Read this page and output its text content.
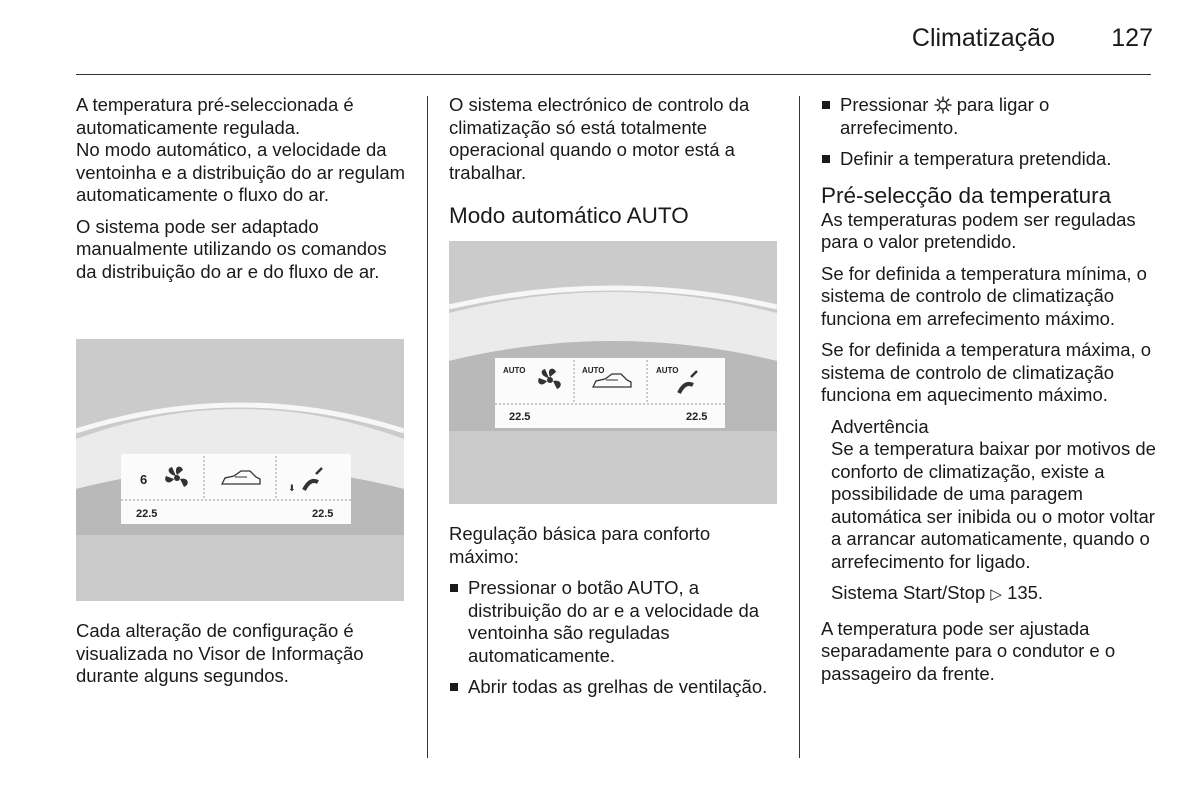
Climatização 127

A temperatura pré-seleccionada é automaticamente regulada.

No modo automático, a velocidade da ventoinha e a distribuição do ar regulam automaticamente o fluxo do ar.

O sistema pode ser adaptado manualmente utilizando os comandos da distribuição do ar e do fluxo de ar.

6
⬇
22.5	22.5

Cada alteração de configuração é visualizada no Visor de Informação durante alguns segundos.

O sistema electrónico de controlo da climatização só está totalmente operacional quando o motor está a trabalhar.

Modo automático AUTO
AUTO	AUTO	AUTO
22.5	22.5

Regulação básica para conforto máximo:

Pressionar o botão AUTO, a distribuição do ar e a velocidade da ventoinha são reguladas automaticamente.
Abrir todas as grelhas de ventilação.
Pressionar  para ligar o arrefecimento.
Definir a temperatura pretendida.
Pré-selecção da temperatura

As temperaturas podem ser reguladas para o valor pretendido.

Se for definida a temperatura mínima, o sistema de controlo de climatização funciona em arrefecimento máximo.

Se for definida a temperatura máxima, o sistema de controlo de climatização funciona em aquecimento máximo.

Advertência

Se a temperatura baixar por motivos de conforto de climatização, existe a possibilidade de uma paragem automática ser inibida ou o motor voltar a arrancar automaticamente, quando o arrefecimento for ligado.

Sistema Start/Stop ▷ 135.

A temperatura pode ser ajustada separadamente para o condutor e o passageiro da frente.
